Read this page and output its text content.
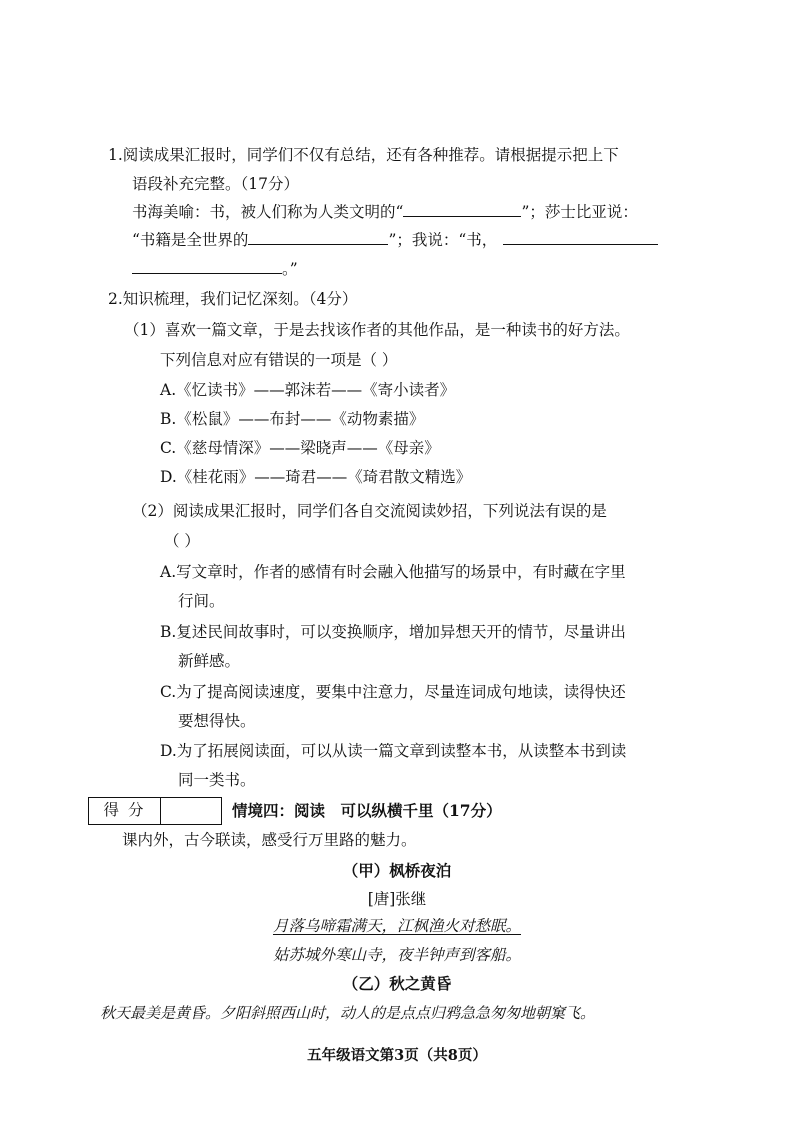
1.阅读成果汇报时，同学们不仅有总结，还有各种推荐。请根据提示把上下
语段补充完整。（17分）
书海美喻：书，被人们称为人类文明的“	”；莎士比亚说：
“书籍是全世界的	”；我说：“书，
。”
2.知识梳理，我们记忆深刻。（4分）
（1）喜欢一篇文章，于是去找该作者的其他作品，是一种读书的好方法。
下列信息对应有错误的一项是（ ）
A.《忆读书》——郭沫若——《寄小读者》
B.《松鼠》——布封——《动物素描》
C.《慈母情深》——梁晓声——《母亲》
D.《桂花雨》——琦君——《琦君散文精选》
（2）阅读成果汇报时，同学们各自交流阅读妙招，下列说法有误的是
（ ）
A.写文章时，作者的感情有时会融入他描写的场景中，有时藏在字里
行间。
B.复述民间故事时，可以变换顺序，增加异想天开的情节，尽量讲出
新鲜感。
C.为了提高阅读速度，要集中注意力，尽量连词成句地读，读得快还
要想得快。
D.为了拓展阅读面，可以从读一篇文章到读整本书，从读整本书到读
同一类书。
得 分	情境四：阅读　可以纵横千里（17分）
课内外，古今联读，感受行万里路的魅力。
（甲）枫桥夜泊
[唐]张继
月落乌啼霜满天，江枫渔火对愁眠。
姑苏城外寒山寺，夜半钟声到客船。
（乙）秋之黄昏
秋天最美是黄昏。夕阳斜照西山时，动人的是点点归鸦急急匆匆地朝窠飞。
五年级语文第3页（共8页）
